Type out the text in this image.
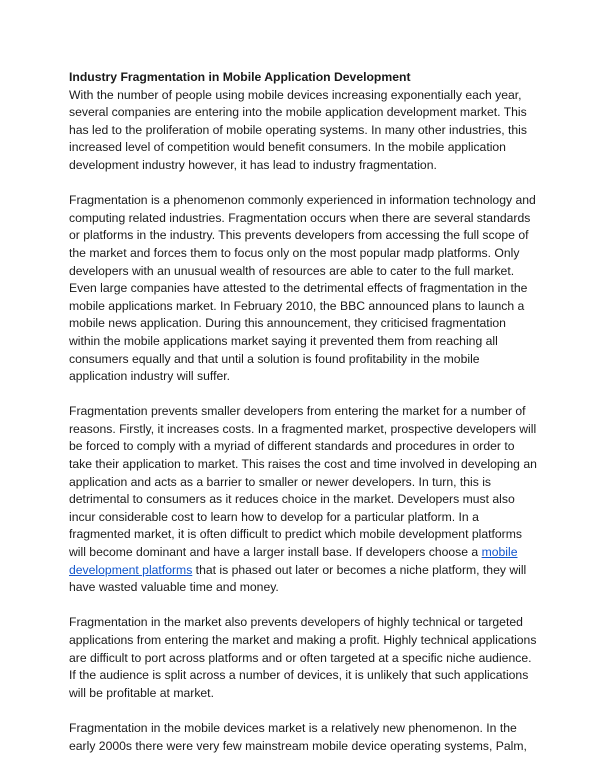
Industry Fragmentation in Mobile Application Development

With the number of people using mobile devices increasing exponentially each year, several companies are entering into the mobile application development market. This has led to the proliferation of mobile operating systems. In many other industries, this increased level of competition would benefit consumers. In the mobile application development industry however, it has lead to industry fragmentation.

Fragmentation is a phenomenon commonly experienced in information technology and computing related industries. Fragmentation occurs when there are several standards or platforms in the industry. This prevents developers from accessing the full scope of the market and forces them to focus only on the most popular madp platforms. Only developers with an unusual wealth of resources are able to cater to the full market. Even large companies have attested to the detrimental effects of fragmentation in the mobile applications market. In February 2010, the BBC announced plans to launch a mobile news application. During this announcement, they criticised fragmentation within the mobile applications market saying it prevented them from reaching all consumers equally and that until a solution is found profitability in the mobile application industry will suffer.

Fragmentation prevents smaller developers from entering the market for a number of reasons. Firstly, it increases costs. In a fragmented market, prospective developers will be forced to comply with a myriad of different standards and procedures in order to take their application to market. This raises the cost and time involved in developing an application and acts as a barrier to smaller or newer developers. In turn, this is detrimental to consumers as it reduces choice in the market. Developers must also incur considerable cost to learn how to develop for a particular platform. In a fragmented market, it is often difficult to predict which mobile development platforms will become dominant and have a larger install base. If developers choose a mobile development platforms that is phased out later or becomes a niche platform, they will have wasted valuable time and money.

Fragmentation in the market also prevents developers of highly technical or targeted applications from entering the market and making a profit. Highly technical applications are difficult to port across platforms and or often targeted at a specific niche audience. If the audience is split across a number of devices, it is unlikely that such applications will be profitable at market.

Fragmentation in the mobile devices market is a relatively new phenomenon. In the early 2000s there were very few mainstream mobile device operating systems, Palm,
